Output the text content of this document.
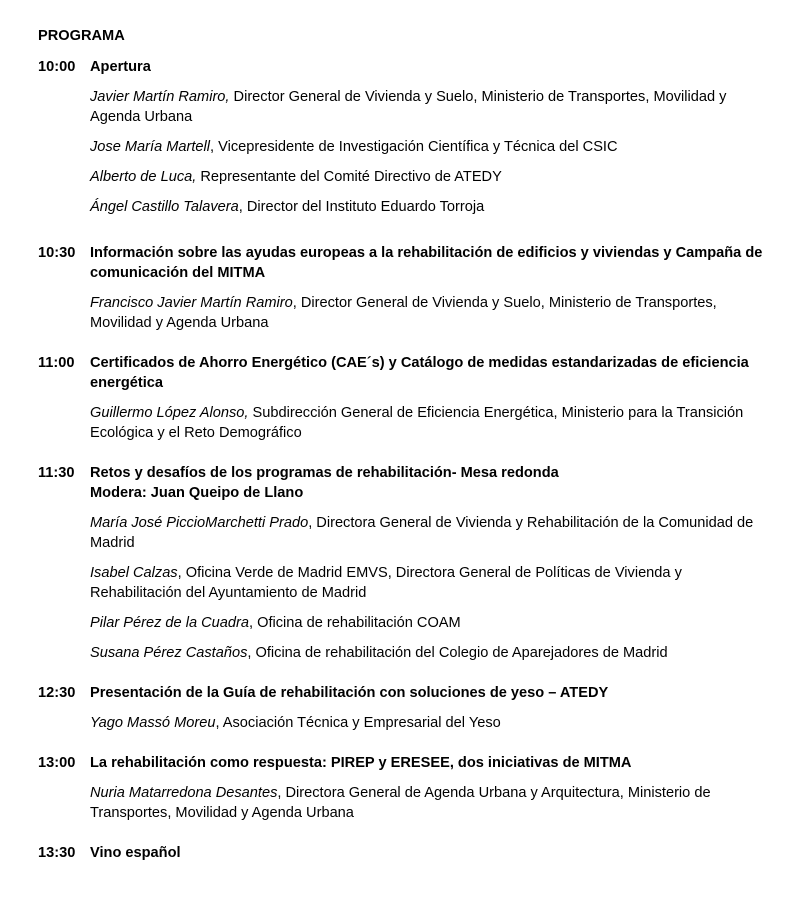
PROGRAMA
10:00	Apertura
Javier Martín Ramiro, Director General de Vivienda y Suelo, Ministerio de Transportes, Movilidad y Agenda Urbana
Jose María Martell, Vicepresidente de Investigación Científica y Técnica del CSIC
Alberto de Luca, Representante del Comité Directivo de ATEDY
Ángel Castillo Talavera, Director del Instituto Eduardo Torroja
10:30	Información sobre las ayudas europeas a la rehabilitación de edificios y viviendas y Campaña de comunicación del MITMA
Francisco Javier Martín Ramiro, Director General de Vivienda y Suelo, Ministerio de Transportes, Movilidad y Agenda Urbana
11:00	Certificados de Ahorro Energético (CAE´s) y Catálogo de medidas estandarizadas de eficiencia energética
Guillermo López Alonso, Subdirección General de Eficiencia Energética, Ministerio para la Transición Ecológica y el Reto Demográfico
11:30	Retos y desafíos de los programas de rehabilitación- Mesa redonda
Modera: Juan Queipo de Llano
María José PiccioMarchetti Prado, Directora General de Vivienda y Rehabilitación de la Comunidad de Madrid
Isabel Calzas, Oficina Verde de Madrid EMVS, Directora General de Políticas de Vivienda y Rehabilitación del Ayuntamiento de Madrid
Pilar Pérez de la Cuadra, Oficina de rehabilitación COAM
Susana Pérez Castaños, Oficina de rehabilitación del Colegio de Aparejadores de Madrid
12:30	Presentación de la Guía de rehabilitación con soluciones de yeso – ATEDY
Yago Massó Moreu, Asociación Técnica y Empresarial del Yeso
13:00	La rehabilitación como respuesta: PIREP y ERESEE, dos iniciativas de MITMA
Nuria Matarredona Desantes, Directora General de Agenda Urbana y Arquitectura, Ministerio de Transportes, Movilidad y Agenda Urbana
13:30	Vino español
